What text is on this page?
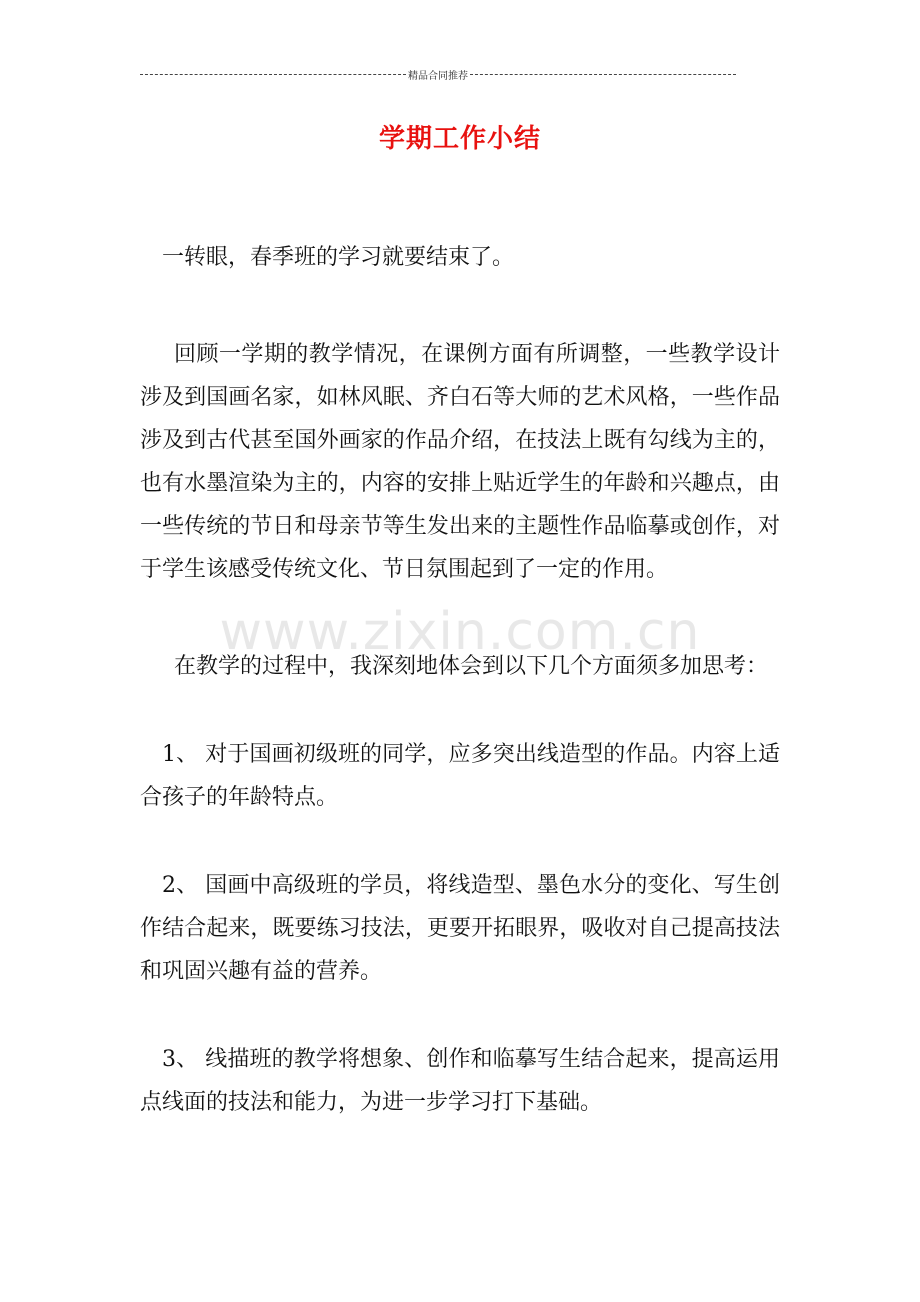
精品合同推荐
学期工作小结

一转眼，春季班的学习就要结束了。

回顾一学期的教学情况，在课例方面有所调整，一些教学设计涉及到国画名家，如林风眠、齐白石等大师的艺术风格，一些作品涉及到古代甚至国外画家的作品介绍，在技法上既有勾线为主的，也有水墨渲染为主的，内容的安排上贴近学生的年龄和兴趣点，由一些传统的节日和母亲节等生发出来的主题性作品临摹或创作，对于学生该感受传统文化、节日氛围起到了一定的作用。

在教学的过程中，我深刻地体会到以下几个方面须多加思考：

1、 对于国画初级班的同学，应多突出线造型的作品。内容上适合孩子的年龄特点。

2、 国画中高级班的学员，将线造型、墨色水分的变化、写生创作结合起来，既要练习技法，更要开拓眼界，吸收对自己提高技法和巩固兴趣有益的营养。

3、 线描班的教学将想象、创作和临摹写生结合起来，提高运用点线面的技法和能力，为进一步学习打下基础。

www.zixin.com.cn
